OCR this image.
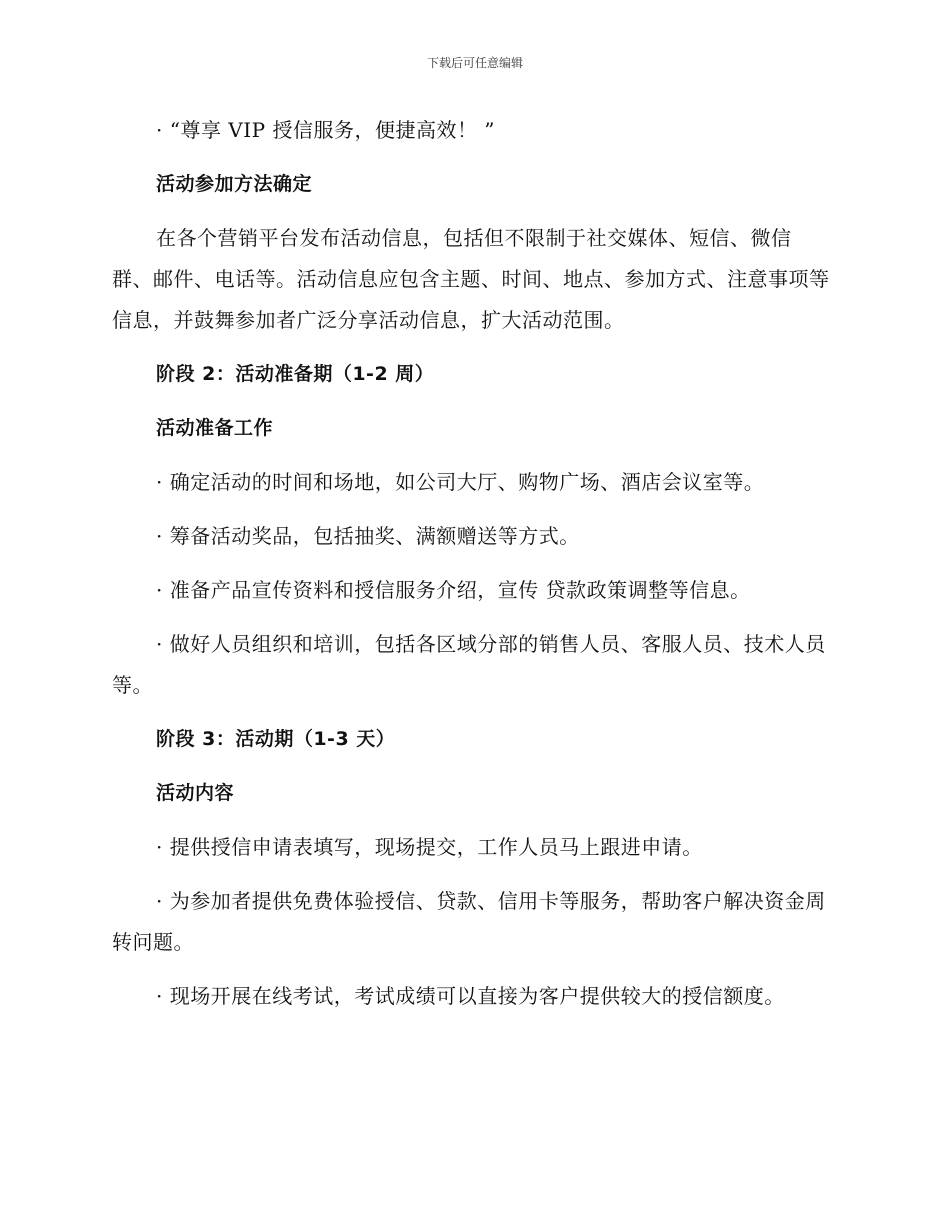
下载后可任意编辑

· “尊享 VIP 授信服务，便捷高效！ ”

活动参加方法确定

在各个营销平台发布活动信息，包括但不限制于社交媒体、短信、微信群、邮件、电话等。活动信息应包含主题、时间、地点、参加方式、注意事项等信息，并鼓舞参加者广泛分享活动信息，扩大活动范围。

阶段 2：活动准备期（1-2 周）

活动准备工作

· 确定活动的时间和场地，如公司大厅、购物广场、酒店会议室等。

· 筹备活动奖品，包括抽奖、满额赠送等方式。

· 准备产品宣传资料和授信服务介绍，宣传 贷款政策调整等信息。

· 做好人员组织和培训，包括各区域分部的销售人员、客服人员、技术人员等。

阶段 3：活动期（1-3 天）

活动内容

· 提供授信申请表填写，现场提交，工作人员马上跟进申请。

· 为参加者提供免费体验授信、贷款、信用卡等服务，帮助客户解决资金周转问题。

· 现场开展在线考试，考试成绩可以直接为客户提供较大的授信额度。
